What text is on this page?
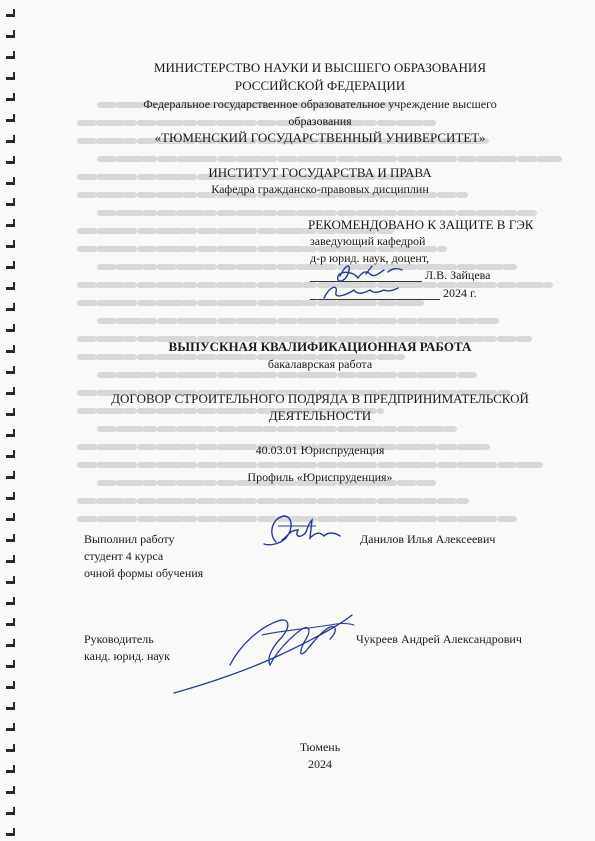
МИНИСТЕРСТВО НАУКИ И ВЫСШЕГО ОБРАЗОВАНИЯ
РОССИЙСКОЙ ФЕДЕРАЦИИ
Федеральное государственное образовательное учреждение высшего
образования
«ТЮМЕНСКИЙ ГОСУДАРСТВЕННЫЙ УНИВЕРСИТЕТ»
ИНСТИТУТ ГОСУДАРСТВА И ПРАВА
Кафедра гражданско-правовых дисциплин
РЕКОМЕНДОВАНО К ЗАЩИТЕ В ГЭК
заведующий кафедрой
д-р юрид. наук, доцент,
Л.В. Зайцева
2024 г.
ВЫПУСКНАЯ КВАЛИФИКАЦИОННАЯ РАБОТА
бакалаврская работа
ДОГОВОР СТРОИТЕЛЬНОГО ПОДРЯДА В ПРЕДПРИНИМАТЕЛЬСКОЙ
ДЕЯТЕЛЬНОСТИ
40.03.01 Юриспруденция
Профиль «Юриспруденция»
Выполнил работу
студент 4 курса
очной формы обучения
Данилов Илья Алексеевич
Руководитель
канд. юрид. наук
Чукреев Андрей Александрович
Тюмень
2024
